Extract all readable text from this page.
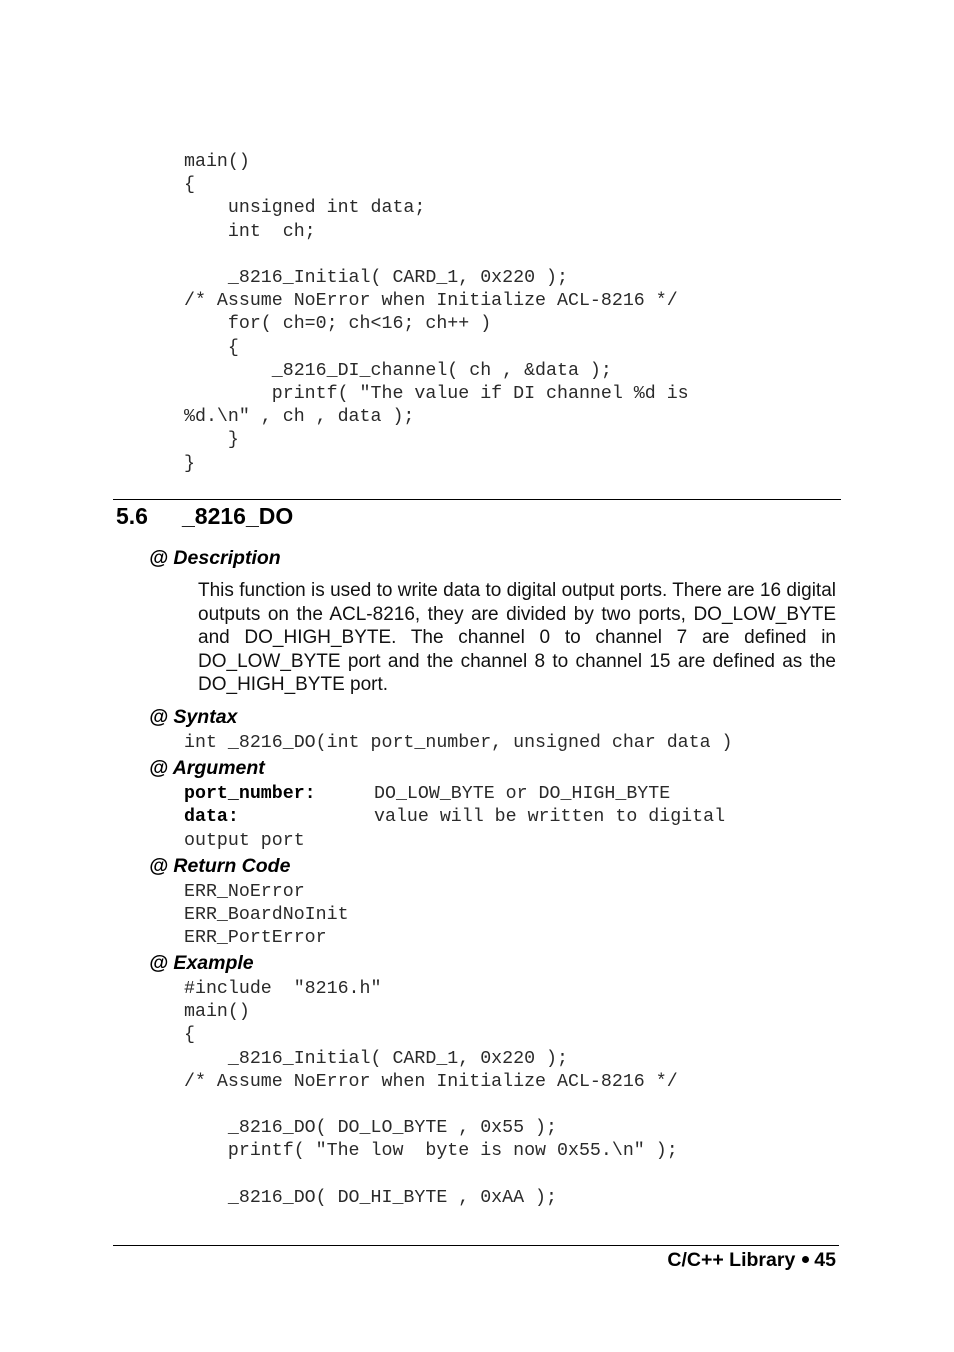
main()
{
unsigned int data;
int  ch;

_8216_Initial( CARD_1, 0x220 );
/* Assume NoError when Initialize ACL-8216 */
for( ch=0; ch<16; ch++ )
{
_8216_DI_channel( ch , &data );
printf( "The value if DI channel %d is
%d.\n" , ch , data );
}
}
5.6 _8216_DO
@ Description
This function is used to write data to digital output ports. There are 16 digital outputs on the ACL-8216, they are divided by two ports, DO_LOW_BYTE and DO_HIGH_BYTE. The channel 0 to channel 7 are defined in DO_LOW_BYTE port and the channel 8 to channel 15 are defined as the DO_HIGH_BYTE port.
@ Syntax
int _8216_DO(int port_number, unsigned char data )
@ Argument
port_number:	DO_LOW_BYTE or DO_HIGH_BYTE
data:	value will be written to digital
output port
@ Return Code
ERR_NoError
ERR_BoardNoInit
ERR_PortError
@ Example
#include  "8216.h"
main()
{
_8216_Initial( CARD_1, 0x220 );
/* Assume NoError when Initialize ACL-8216 */

_8216_DO( DO_LO_BYTE , 0x55 );
printf( "The low  byte is now 0x55.\n" );

_8216_DO( DO_HI_BYTE , 0xAA );
C/C++ Library 45
